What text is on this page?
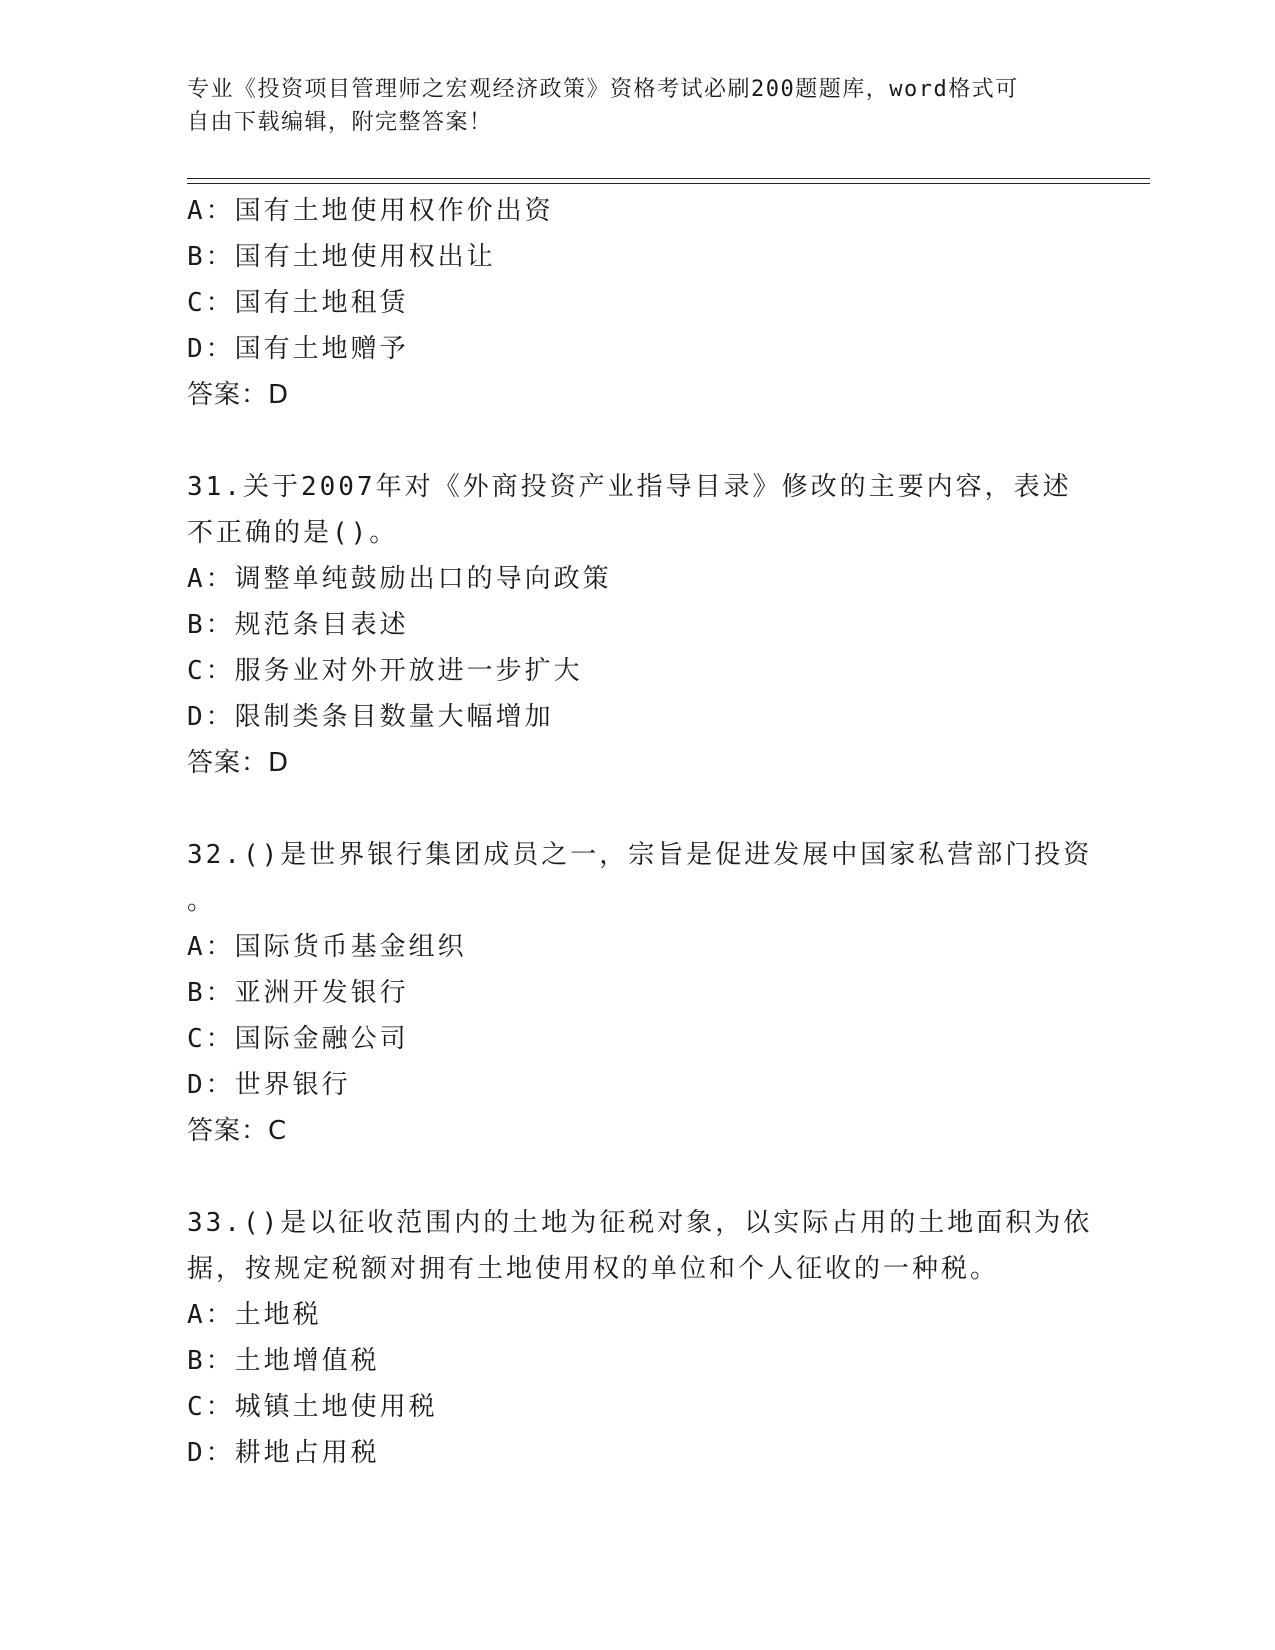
专业《投资项目管理师之宏观经济政策》资格考试必刷200题题库，word格式可
自由下载编辑，附完整答案！
A：国有土地使用权作价出资
B：国有土地使用权出让
C：国有土地租赁
D：国有土地赠予
答案：D
31.关于2007年对《外商投资产业指导目录》修改的主要内容，表述
不正确的是()。
A：调整单纯鼓励出口的导向政策
B：规范条目表述
C：服务业对外开放进一步扩大
D：限制类条目数量大幅增加
答案：D
32.()是世界银行集团成员之一，宗旨是促进发展中国家私营部门投资
。
A：国际货币基金组织
B：亚洲开发银行
C：国际金融公司
D：世界银行
答案：C
33.()是以征收范围内的土地为征税对象，以实际占用的土地面积为依
据，按规定税额对拥有土地使用权的单位和个人征收的一种税。
A：土地税
B：土地增值税
C：城镇土地使用税
D：耕地占用税
